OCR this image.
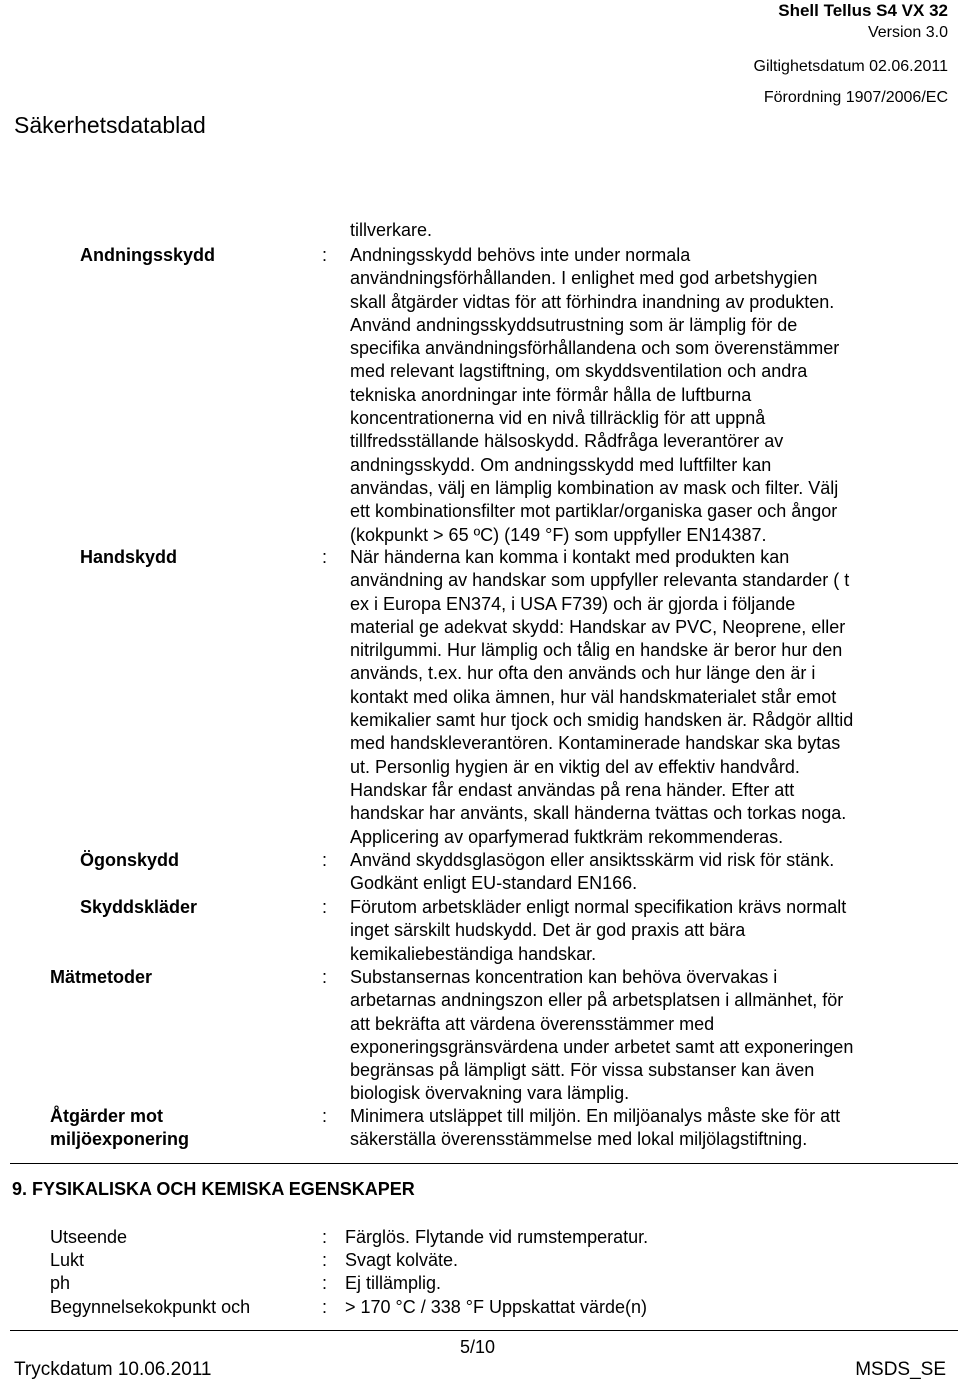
Shell Tellus S4 VX 32
Version 3.0
Giltighetsdatum 02.06.2011
Förordning 1907/2006/EC
Säkerhetsdatablad
tillverkare.
Andningsskydd	: Andningsskydd behövs inte under normala
användningsförhållanden. I enlighet med god arbetshygien
skall åtgärder vidtas för att förhindra inandning av produkten.
Använd andningsskyddsutrustning som är lämplig för de
specifika användningsförhållandena och som överenstämmer
med relevant lagstiftning, om skyddsventilation och andra
tekniska anordningar inte förmår hålla de luftburna
koncentrationerna vid en nivå tillräcklig för att uppnå
tillfredsställande hälsoskydd. Rådfråga leverantörer av
andningsskydd. Om andningsskydd med luftfilter kan
användas, välj en lämplig kombination av mask och filter. Välj
ett kombinationsfilter mot partiklar/organiska gaser och ångor
(kokpunkt > 65 ºC) (149 °F) som uppfyller EN14387.
Handskydd	: När händerna kan komma i kontakt med produkten kan
användning av handskar som uppfyller relevanta standarder ( t
ex i Europa EN374, i USA F739) och är gjorda i följande
material ge adekvat skydd: Handskar av PVC, Neoprene, eller
nitrilgummi. Hur lämplig och tålig en handske är beror hur den
används, t.ex. hur ofta den används och hur länge den är i
kontakt med olika ämnen, hur väl handskmaterialet står emot
kemikalier samt hur tjock och smidig handsken är. Rådgör alltid
med handskleverantören. Kontaminerade handskar ska bytas
ut. Personlig hygien är en viktig del av effektiv handvård.
Handskar får endast användas på rena händer. Efter att
handskar har använts, skall händerna tvättas och torkas noga.
Applicering av oparfymerad fuktkräm rekommenderas.
Ögonskydd	: Använd skyddsglasögon eller ansiktsskärm vid risk för stänk.
Godkänt enligt EU-standard EN166.
Skyddskläder	: Förutom arbetskläder enligt normal specifikation krävs normalt
inget särskilt hudskydd. Det är god praxis att bära
kemikaliebeständiga handskar.
Mätmetoder	: Substansernas koncentration kan behöva övervakas i
arbetarnas andningszon eller på arbetsplatsen i allmänhet, för
att bekräfta att värdena överensstämmer med
exponeringsgränsvärdena under arbetet samt att exponeringen
begränsas på lämpligt sätt. För vissa substanser kan även
biologisk övervakning vara lämplig.
Åtgärder mot
miljöexponering
: Minimera utsläppet till miljön. En miljöanalys måste ske för att
säkerställa överensstämmelse med lokal miljölagstiftning.
9. FYSIKALISKA OCH KEMISKA EGENSKAPER
Utseende	: Färglös. Flytande vid rumstemperatur.
Lukt	: Svagt kolväte.
ph	: Ej tillämplig.
Begynnelsekokpunkt och	: > 170 °C / 338 °F Uppskattat värde(n)
5/10
Tryckdatum 10.06.2011	MSDS_SE
